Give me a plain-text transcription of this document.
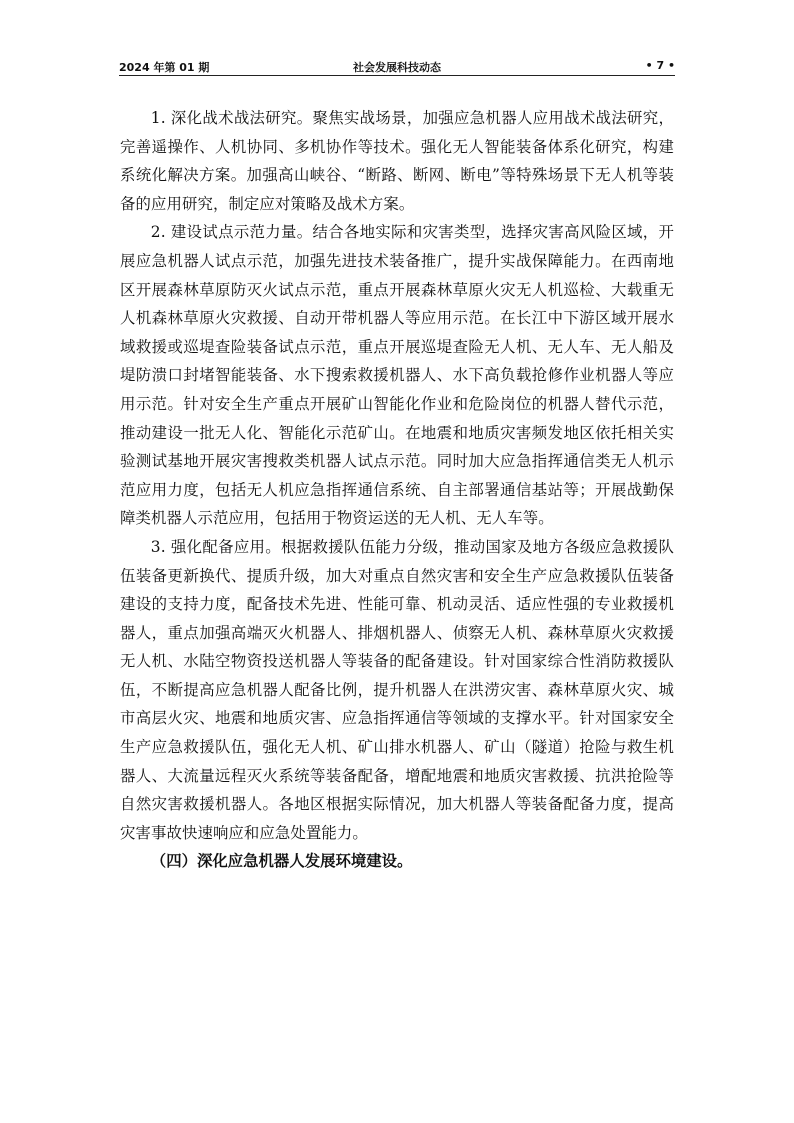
2024 年第 01 期	社会发展科技动态	• 7 •

1. 深化战术战法研究。聚焦实战场景，加强应急机器人应用战术战法研究，完善遥操作、人机协同、多机协作等技术。强化无人智能装备体系化研究，构建系统化解决方案。加强高山峡谷、“断路、断网、断电”等特殊场景下无人机等装备的应用研究，制定应对策略及战术方案。

2. 建设试点示范力量。结合各地实际和灾害类型，选择灾害高风险区域，开展应急机器人试点示范，加强先进技术装备推广，提升实战保障能力。在西南地区开展森林草原防灭火试点示范，重点开展森林草原火灾无人机巡检、大载重无人机森林草原火灾救援、自动开带机器人等应用示范。在长江中下游区域开展水域救援或巡堤查险装备试点示范，重点开展巡堤查险无人机、无人车、无人船及堤防溃口封堵智能装备、水下搜索救援机器人、水下高负载抢修作业机器人等应用示范。针对安全生产重点开展矿山智能化作业和危险岗位的机器人替代示范，推动建设一批无人化、智能化示范矿山。在地震和地质灾害频发地区依托相关实验测试基地开展灾害搜救类机器人试点示范。同时加大应急指挥通信类无人机示范应用力度，包括无人机应急指挥通信系统、自主部署通信基站等；开展战勤保障类机器人示范应用，包括用于物资运送的无人机、无人车等。

3. 强化配备应用。根据救援队伍能力分级，推动国家及地方各级应急救援队伍装备更新换代、提质升级，加大对重点自然灾害和安全生产应急救援队伍装备建设的支持力度，配备技术先进、性能可靠、机动灵活、适应性强的专业救援机器人，重点加强高端灭火机器人、排烟机器人、侦察无人机、森林草原火灾救援无人机、水陆空物资投送机器人等装备的配备建设。针对国家综合性消防救援队伍，不断提高应急机器人配备比例，提升机器人在洪涝灾害、森林草原火灾、城市高层火灾、地震和地质灾害、应急指挥通信等领域的支撑水平。针对国家安全生产应急救援队伍，强化无人机、矿山排水机器人、矿山（隧道）抢险与救生机器人、大流量远程灭火系统等装备配备，增配地震和地质灾害救援、抗洪抢险等自然灾害救援机器人。各地区根据实际情况，加大机器人等装备配备力度，提高灾害事故快速响应和应急处置能力。

（四）深化应急机器人发展环境建设。
